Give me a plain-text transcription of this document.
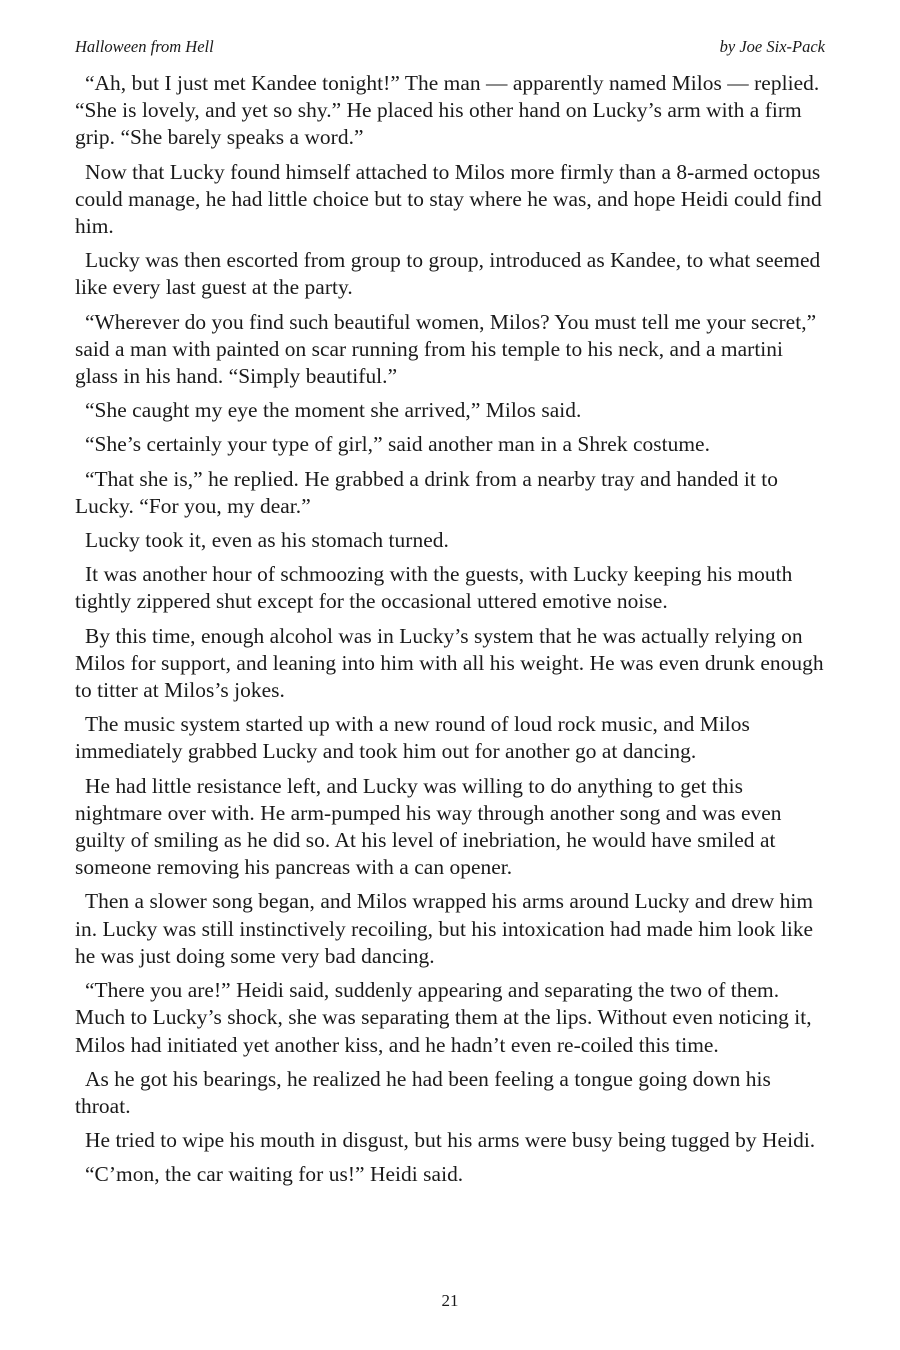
Halloween from Hell	by Joe Six-Pack

“Ah, but I just met Kandee tonight!” The man — apparently named Milos — replied. “She is lovely, and yet so shy.” He placed his other hand on Lucky’s arm with a firm grip. “She barely speaks a word.”

Now that Lucky found himself attached to Milos more firmly than a 8-armed octopus could manage, he had little choice but to stay where he was, and hope Heidi could find him.

Lucky was then escorted from group to group, introduced as Kandee, to what seemed like every last guest at the party.

“Wherever do you find such beautiful women, Milos? You must tell me your secret,” said a man with painted on scar running from his temple to his neck, and a martini glass in his hand. “Simply beautiful.”

“She caught my eye the moment she arrived,” Milos said.

“She’s certainly your type of girl,” said another man in a Shrek costume.

“That she is,” he replied. He grabbed a drink from a nearby tray and handed it to Lucky. “For you, my dear.”

Lucky took it, even as his stomach turned.

It was another hour of schmoozing with the guests, with Lucky keeping his mouth tightly zippered shut except for the occasional uttered emotive noise.

By this time, enough alcohol was in Lucky’s system that he was actually relying on Milos for support, and leaning into him with all his weight. He was even drunk enough to titter at Milos’s jokes.

The music system started up with a new round of loud rock music, and Milos immediately grabbed Lucky and took him out for another go at dancing.

He had little resistance left, and Lucky was willing to do anything to get this nightmare over with. He arm-pumped his way through another song and was even guilty of smiling as he did so. At his level of inebriation, he would have smiled at someone removing his pancreas with a can opener.

Then a slower song began, and Milos wrapped his arms around Lucky and drew him in. Lucky was still instinctively recoiling, but his intoxication had made him look like he was just doing some very bad dancing.

“There you are!” Heidi said, suddenly appearing and separating the two of them. Much to Lucky’s shock, she was separating them at the lips. Without even noticing it, Milos had initiated yet another kiss, and he hadn’t even re-coiled this time.

As he got his bearings, he realized he had been feeling a tongue going down his throat.

He tried to wipe his mouth in disgust, but his arms were busy being tugged by Heidi.

“C’mon, the car waiting for us!” Heidi said.

21
